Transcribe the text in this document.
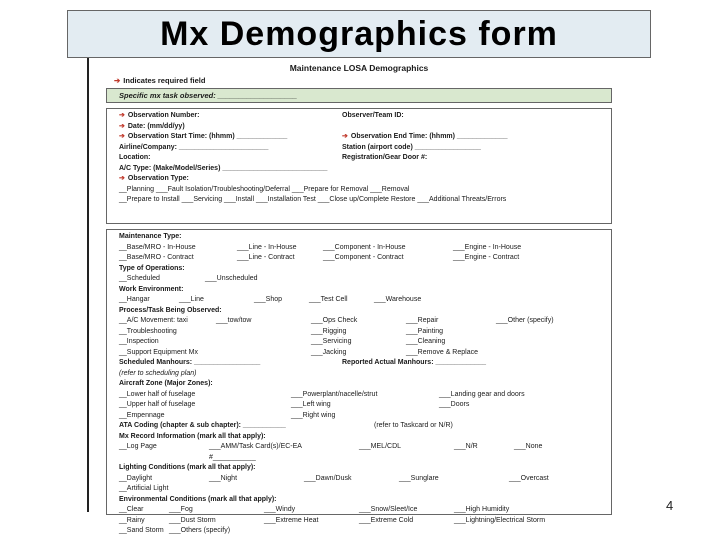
Mx Demographics form
Maintenance LOSA Demographics
➔ Indicates required field
Specific mx task observed: ___________________
➔ Observation Number:	Observer/Team ID:
➔ Date: (mm/dd/yy)
➔ Observation Start Time: (hhmm) _____________	➔ Observation End Time: (hhmm) _____________
Airline/Company: _______________________	Station (airport code) _________________
Location:	Registration/Gear Door #:
A/C Type: (Make/Model/Series) ___________________________
➔ Observation Type:
__Planning ___Fault Isolation/Troubleshooting/Deferral ___Prepare for Removal ___Removal
__Prepare to Install ___Servicing ___Install ___Installation Test ___Close up/Complete Restore ___Additional Threats/Errors
Maintenance Type:
__Base/MRO - In-House	___Line - In-House	___Component - In-House	___Engine - In-House
__Base/MRO - Contract	___Line - Contract	___Component - Contract	___Engine - Contract
Type of Operations:
__Scheduled	___Unscheduled
Work Environment:
__Hangar	___Line	___Shop	___Test Cell	___Warehouse
Process/Task Being Observed:
__A/C Movement: taxi	___tow/tow	___Ops Check	___Repair	___Other (specify)
__Troubleshooting	___Rigging	___Painting
__Inspection	___Servicing	___Cleaning
__Support Equipment Mx	___Jacking	___Remove & Replace
Scheduled Manhours: _________________	Reported Actual Manhours: _____________
(refer to scheduling plan)
Aircraft Zone (Major Zones):
__Lower half of fuselage	___Powerplant/nacelle/strut	___Landing gear and doors
__Upper half of fuselage	___Left wing	___Doors
__Empennage	___Right wing
ATA Coding (chapter & sub chapter): ___________	(refer to Taskcard or N/R)
Mx Record Information (mark all that apply):
__Log Page	___AMM/Task Card(s)/EC-EA	___MEL/CDL	___N/R	___None
#___________
Lighting Conditions (mark all that apply):
__Daylight	___Night	___Dawn/Dusk	___Sunglare	___Overcast
__Artificial Light
Environmental Conditions (mark all that apply):
__Clear	___Fog	___Windy	___Snow/Sleet/Ice	___High Humidity
__Rainy	___Dust Storm	___Extreme Heat	___Extreme Cold	___Lightning/Electrical Storm
__Sand Storm ___Others (specify)
4
